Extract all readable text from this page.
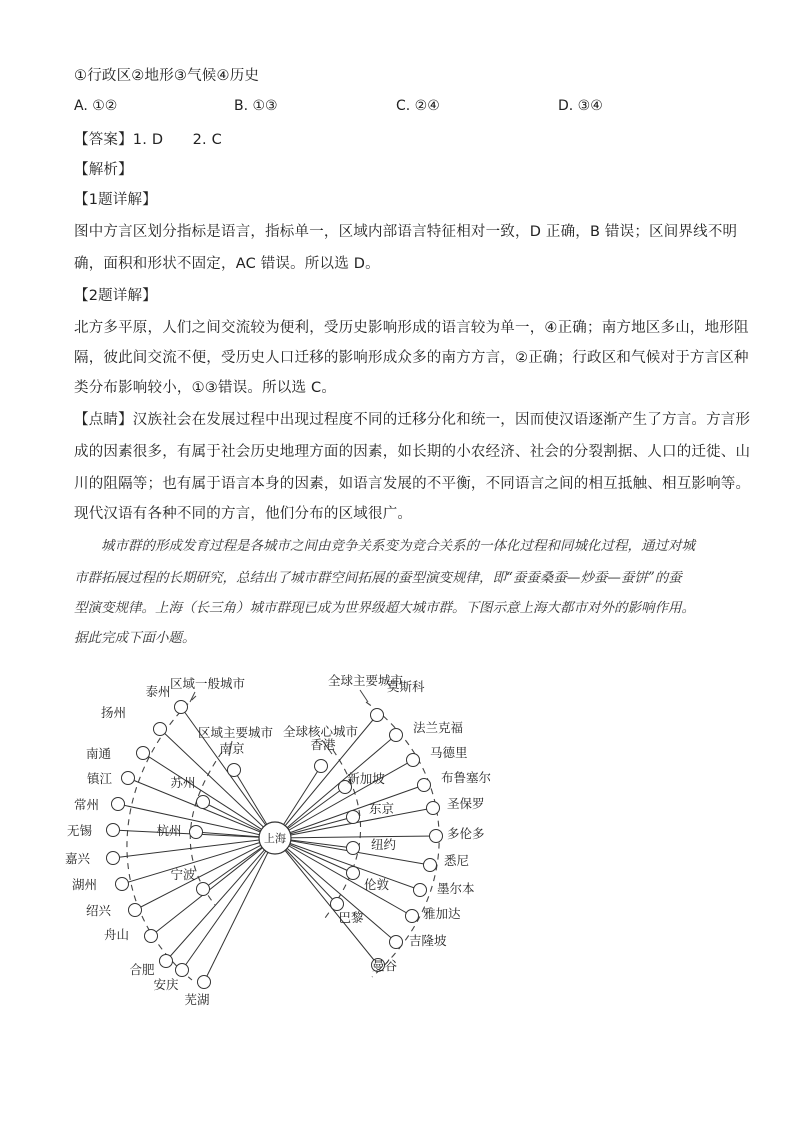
①行政区②地形③气候④历史
A. ①②	B. ①③	C. ②④	D. ③④
【答案】1. D　　2. C
【解析】
【1题详解】
图中方言区划分指标是语言，指标单一，区域内部语言特征相对一致，D 正确，B 错误；区间界线不明
确，面积和形状不固定，AC 错误。所以选 D。
【2题详解】
北方多平原，人们之间交流较为便利，受历史影响形成的语言较为单一，④正确；南方地区多山，地形阻
隔，彼此间交流不便，受历史人口迁移的影响形成众多的南方方言，②正确；行政区和气候对于方言区种
类分布影响较小，①③错误。所以选 C。
【点睛】汉族社会在发展过程中出现过程度不同的迁移分化和统一，因而使汉语逐渐产生了方言。方言形
成的因素很多，有属于社会历史地理方面的因素，如长期的小农经济、社会的分裂割据、人口的迁徙、山
川的阻隔等；也有属于语言本身的因素，如语言发展的不平衡，不同语言之间的相互抵触、相互影响等。
现代汉语有各种不同的方言，他们分布的区域很广。
　　城市群的形成发育过程是各城市之间由竞争关系变为竞合关系的一体化过程和同城化过程，通过对城
市群拓展过程的长期研究，总结出了城市群空间拓展的蚕型演变规律，即“蚕蚕桑蚕—炒蚕—蚕饼”的蚕
型演变规律。上海（长三角）城市群现已成为世界级超大城市群。下图示意上海大都市对外的影响作用。
据此完成下面小题。
泰州
扬州
南通
镇江
常州
无锡
嘉兴
湖州
绍兴
舟山
合肥
安庆
芜湖
南京
苏州
杭州
宁波
香港
新加坡
东京
纽约
伦敦
巴黎
莫斯科
法兰克福
马德里
布鲁塞尔
圣保罗
多伦多
悉尼
墨尔本
雅加达
吉隆坡
曼谷
上海
区域一般城市
区域主要城市 全球核心城市
全球主要城市
